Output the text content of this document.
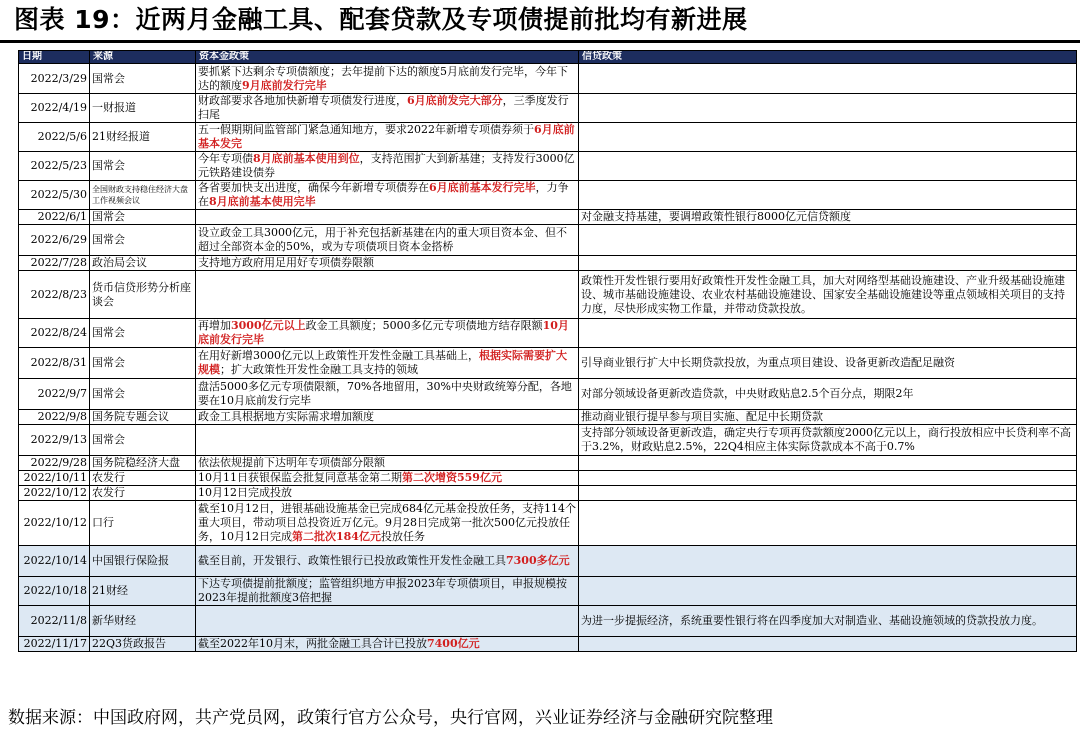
图表 19：近两月金融工具、配套贷款及专项债提前批均有新进展
日期	来源	资本金政策	信贷政策
2022/3/29	国常会	要抓紧下达剩余专项债额度；去年提前下达的额度5月底前发行完毕，今年下达的额度9月底前发行完毕	
2022/4/19	一财报道	财政部要求各地加快新增专项债发行进度，6月底前发完大部分，三季度发行扫尾	
2022/5/6	21财经报道	五一假期期间监管部门紧急通知地方，要求2022年新增专项债券须于6月底前基本发完	
2022/5/23	国常会	今年专项债8月底前基本使用到位，支持范围扩大到新基建；支持发行3000亿元铁路建设债券	
2022/5/30	全国财政支持稳住经济大盘工作视频会议	各省要加快支出进度，确保今年新增专项债券在6月底前基本发行完毕，力争在8月底前基本使用完毕	
2022/6/1	国常会		对金融支持基建，要调增政策性银行8000亿元信贷额度
2022/6/29	国常会	设立政金工具3000亿元，用于补充包括新基建在内的重大项目资本金、但不超过全部资本金的50%，或为专项债项目资本金搭桥	
2022/7/28	政治局会议	支持地方政府用足用好专项债券限额	
2022/8/23	货币信贷形势分析座谈会		政策性开发性银行要用好政策性开发性金融工具，加大对网络型基础设施建设、产业升级基础设施建设、城市基础设施建设、农业农村基础设施建设、国家安全基础设施建设等重点领域相关项目的支持力度，尽快形成实物工作量，并带动贷款投放。
2022/8/24	国常会	再增加3000亿元以上政金工具额度；5000多亿元专项债地方结存限额10月底前发行完毕	
2022/8/31	国常会	在用好新增3000亿元以上政策性开发性金融工具基础上，根据实际需要扩大规模；扩大政策性开发性金融工具支持的领域	引导商业银行扩大中长期贷款投放，为重点项目建设、设备更新改造配足融资
2022/9/7	国常会	盘活5000多亿元专项债限额，70%各地留用，30%中央财政统筹分配，各地要在10月底前发行完毕	对部分领域设备更新改造贷款，中央财政贴息2.5个百分点，期限2年
2022/9/8	国务院专题会议	政金工具根据地方实际需求增加额度	推动商业银行提早参与项目实施、配足中长期贷款
2022/9/13	国常会		支持部分领域设备更新改造，确定央行专项再贷款额度2000亿元以上，商行投放相应中长贷利率不高于3.2%，财政贴息2.5%，22Q4相应主体实际贷款成本不高于0.7%
2022/9/28	国务院稳经济大盘	依法依规提前下达明年专项债部分限额	
2022/10/11	农发行	10月11日获银保监会批复同意基金第二期第二次增资559亿元	
2022/10/12	农发行	10月12日完成投放	
2022/10/12	口行	截至10月12日，进银基础设施基金已完成684亿元基金投放任务，支持114个重大项目，带动项目总投资近万亿元。9月28日完成第一批次500亿元投放任务，10月12日完成第二批次184亿元投放任务	
2022/10/14	中国银行保险报	截至目前，开发银行、政策性银行已投放政策性开发性金融工具7300多亿元	
2022/10/18	21财经	下达专项债提前批额度；监管组织地方申报2023年专项债项目，申报规模按2023年提前批额度3倍把握	
2022/11/8	新华财经		为进一步提振经济，系统重要性银行将在四季度加大对制造业、基础设施领域的贷款投放力度。
2022/11/17	22Q3货政报告	截至2022年10月末，两批金融工具合计已投放7400亿元	
数据来源：中国政府网，共产党员网，政策行官方公众号，央行官网，兴业证券经济与金融研究院整理
